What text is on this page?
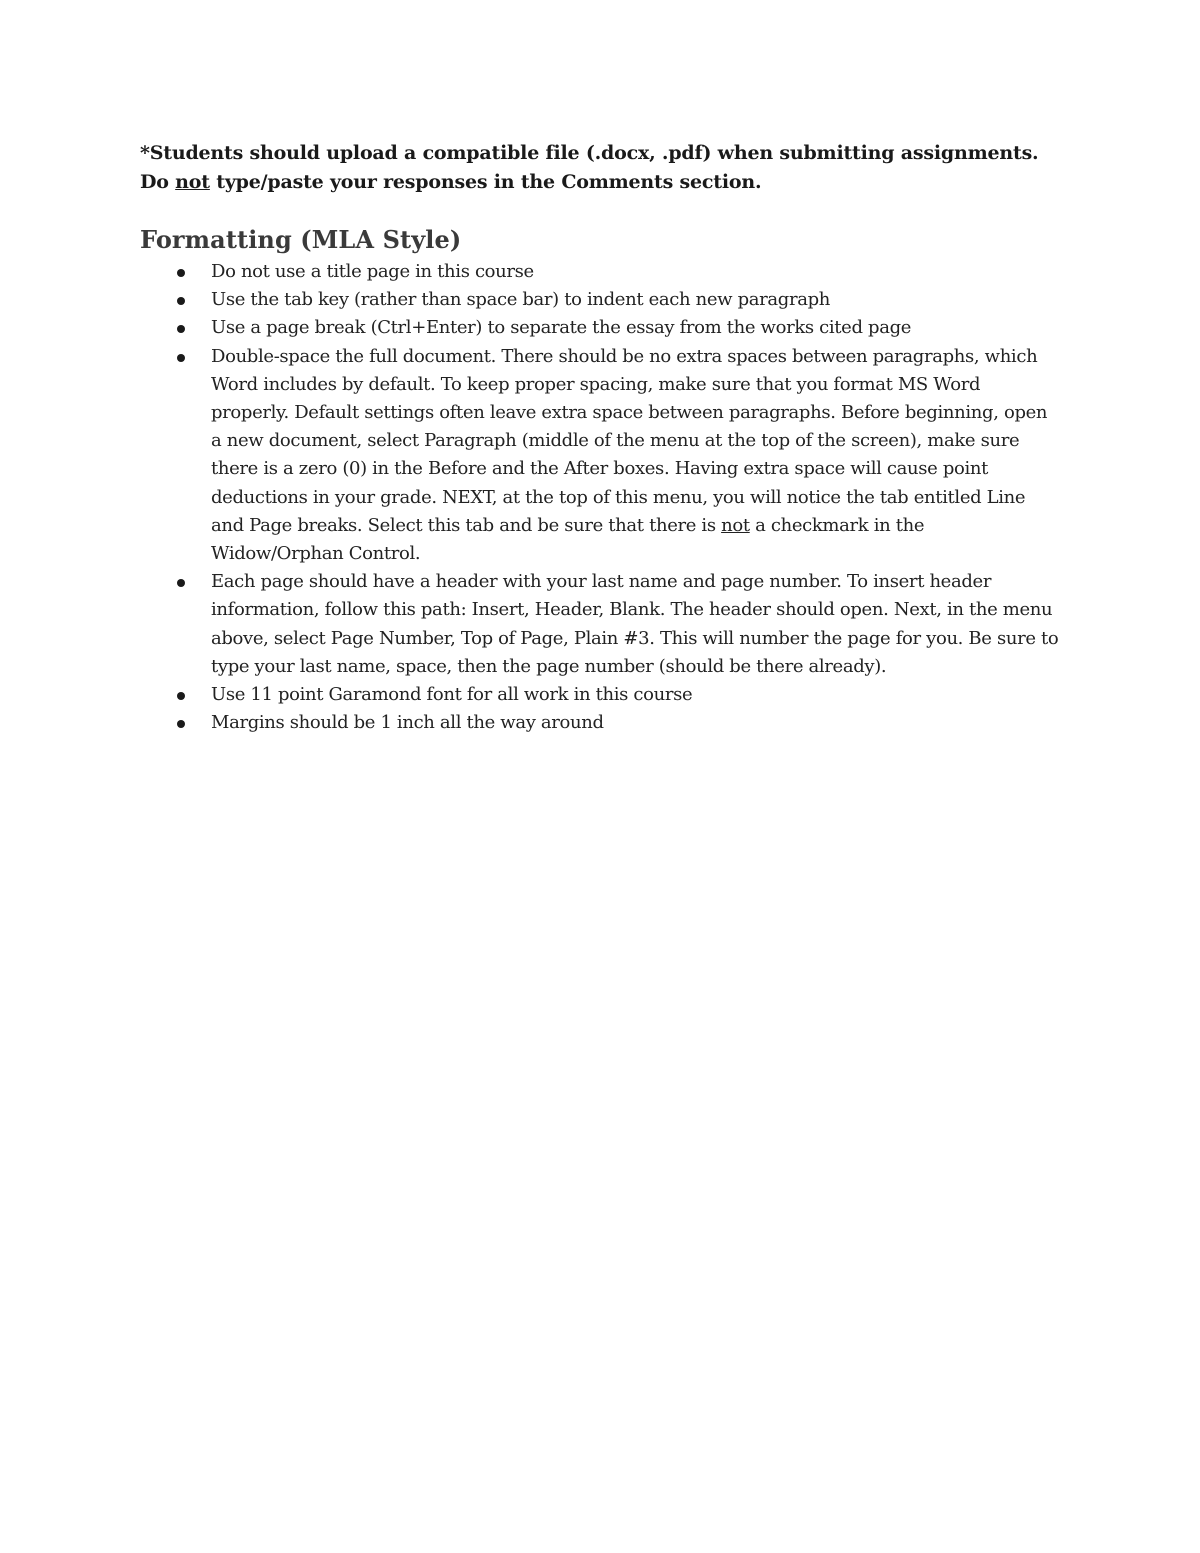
*Students should upload a compatible file (.docx, .pdf) when submitting assignments. Do not type/paste your responses in the Comments section.

Formatting (MLA Style)
Do not use a title page in this course
Use the tab key (rather than space bar) to indent each new paragraph
Use a page break (Ctrl+Enter) to separate the essay from the works cited page
Double-space the full document. There should be no extra spaces between paragraphs, which Word includes by default. To keep proper spacing, make sure that you format MS Word properly. Default settings often leave extra space between paragraphs. Before beginning, open a new document, select Paragraph (middle of the menu at the top of the screen), make sure there is a zero (0) in the Before and the After boxes. Having extra space will cause point deductions in your grade. NEXT, at the top of this menu, you will notice the tab entitled Line and Page breaks. Select this tab and be sure that there is not a checkmark in the Widow/Orphan Control.
Each page should have a header with your last name and page number. To insert header information, follow this path: Insert, Header, Blank. The header should open. Next, in the menu above, select Page Number, Top of Page, Plain #3. This will number the page for you. Be sure to type your last name, space, then the page number (should be there already).
Use 11 point Garamond font for all work in this course
Margins should be 1 inch all the way around
